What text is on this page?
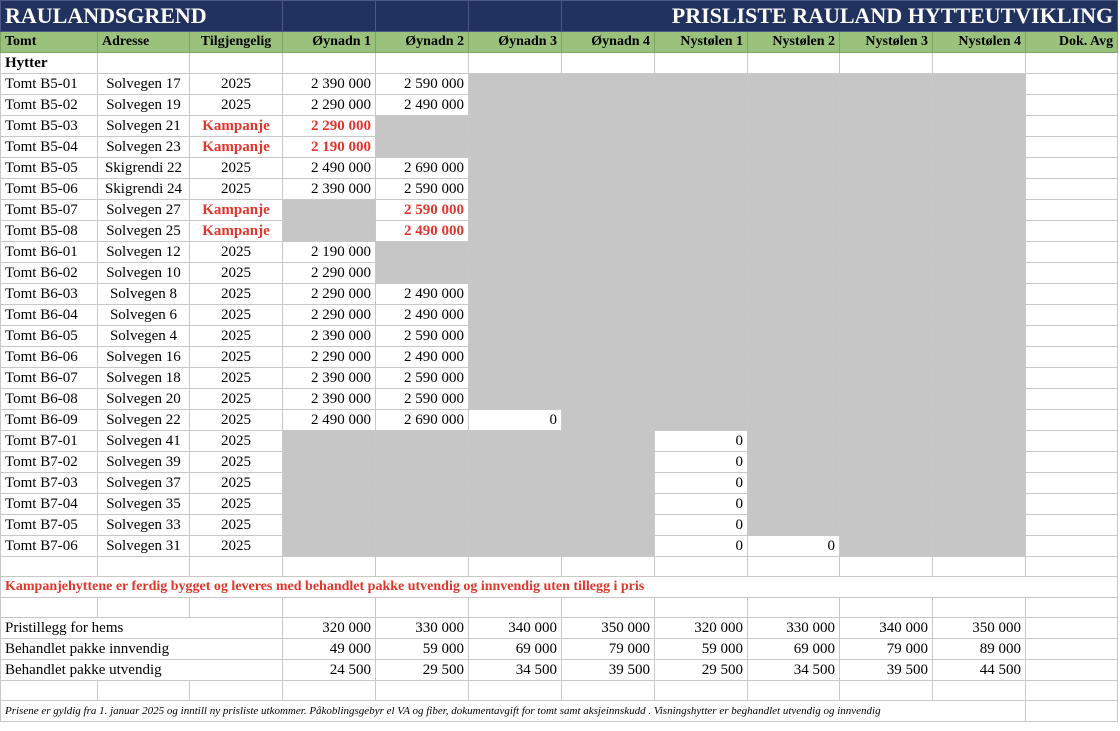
RAULANDSGREND						PRISLISTE RAULAND HYTTEUTVIKLING					
Tomt	Adresse	Tilgjengelig	Øynadn 1	Øynadn 2	Øynadn 3	Øynadn 4	Nystølen 1	Nystølen 2	Nystølen 3	Nystølen 4	Dok. Avg
Hytter											
Tomt B5-01	Solvegen 17	2025	2 390 000	2 590 000							
Tomt B5-02	Solvegen 19	2025	2 290 000	2 490 000							
Tomt B5-03	Solvegen 21	Kampanje	2 290 000								
Tomt B5-04	Solvegen 23	Kampanje	2 190 000								
Tomt B5-05	Skigrendi 22	2025	2 490 000	2 690 000							
Tomt B5-06	Skigrendi 24	2025	2 390 000	2 590 000							
Tomt B5-07	Solvegen 27	Kampanje		2 590 000							
Tomt B5-08	Solvegen 25	Kampanje		2 490 000							
Tomt B6-01	Solvegen 12	2025	2 190 000								
Tomt B6-02	Solvegen 10	2025	2 290 000								
Tomt B6-03	Solvegen 8	2025	2 290 000	2 490 000							
Tomt B6-04	Solvegen 6	2025	2 290 000	2 490 000							
Tomt B6-05	Solvegen 4	2025	2 390 000	2 590 000							
Tomt B6-06	Solvegen 16	2025	2 290 000	2 490 000							
Tomt B6-07	Solvegen 18	2025	2 390 000	2 590 000							
Tomt B6-08	Solvegen 20	2025	2 390 000	2 590 000							
Tomt B6-09	Solvegen 22	2025	2 490 000	2 690 000	0						
Tomt B7-01	Solvegen 41	2025					0				
Tomt B7-02	Solvegen 39	2025					0				
Tomt B7-03	Solvegen 37	2025					0				
Tomt B7-04	Solvegen 35	2025					0				
Tomt B7-05	Solvegen 33	2025					0				
Tomt B7-06	Solvegen 31	2025					0	0			

Kampanjehyttene er ferdig bygget og leveres med behandlet pakke utvendig og innvendig uten tillegg i pris											

Pristillegg for hems			320 000	330 000	340 000	350 000	320 000	330 000	340 000	350 000	
Behandlet pakke innvendig			49 000	59 000	69 000	79 000	59 000	69 000	79 000	89 000	
Behandlet pakke utvendig			24 500	29 500	34 500	39 500	29 500	34 500	39 500	44 500	

Prisene er gyldig fra 1. januar 2025 og inntill ny prisliste utkommer. Påkoblingsgebyr el VA og fiber, dokumentavgift for tomt samt aksjeinnskudd . Visningshytter er beghandlet utvendig og innvendig											
